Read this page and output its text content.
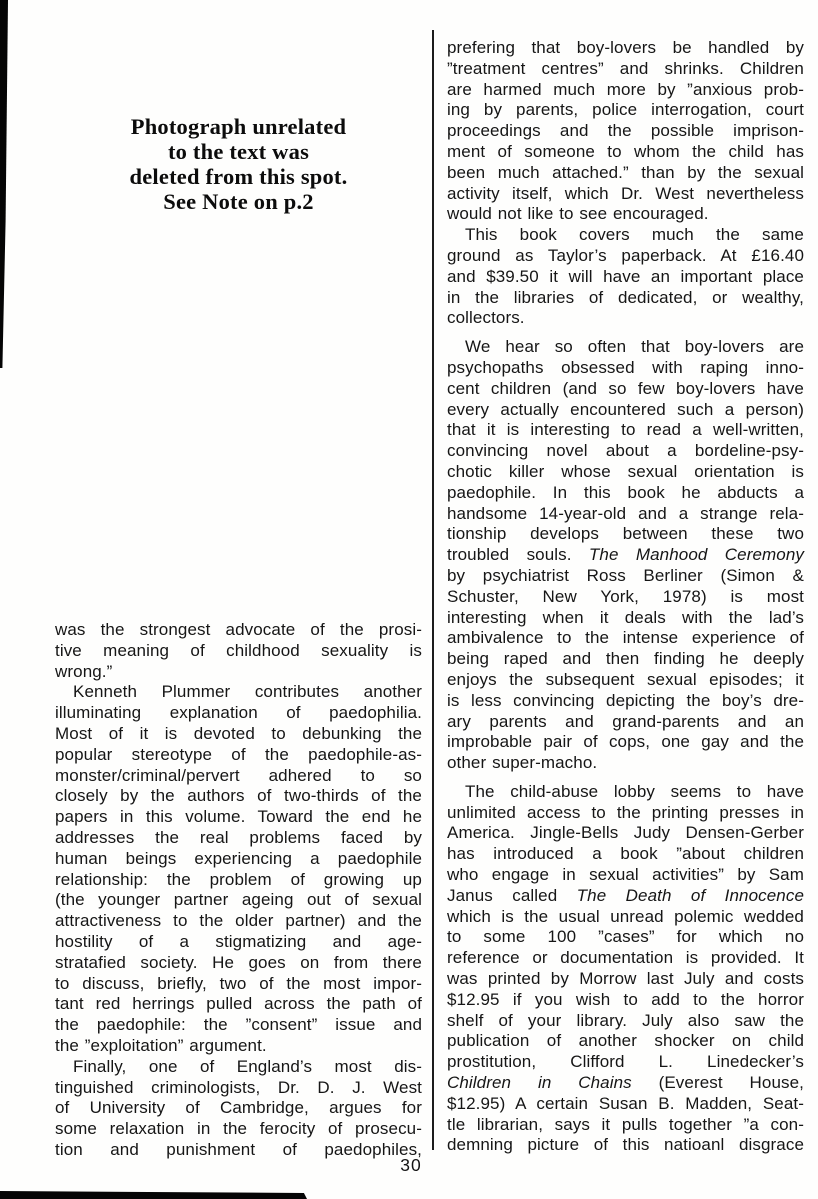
Photograph unrelated
to the text was
deleted from this spot.
See Note on p.2
was the strongest advocate of the prosi-
tive meaning of childhood sexuality is
wrong.”
Kenneth Plummer contributes another
illuminating explanation of paedophilia.
Most of it is devoted to debunking the
popular stereotype of the paedophile-as-
monster/criminal/pervert adhered to so
closely by the authors of two-thirds of the
papers in this volume. Toward the end he
addresses the real problems faced by
human beings experiencing a paedophile
relationship: the problem of growing up
(the younger partner ageing out of sexual
attractiveness to the older partner) and the
hostility of a stigmatizing and age-
stratafied society. He goes on from there
to discuss, briefly, two of the most impor-
tant red herrings pulled across the path of
the paedophile: the ”consent” issue and
the ”exploitation” argument.
Finally, one of England’s most dis-
tinguished criminologists, Dr. D. J. West
of University of Cambridge, argues for
some relaxation in the ferocity of prosecu-
tion and punishment of paedophiles,
prefering that boy-lovers be handled by
”treatment centres” and shrinks. Children
are harmed much more by ”anxious prob-
ing by parents, police interrogation, court
proceedings and the possible imprison-
ment of someone to whom the child has
been much attached.” than by the sexual
activity itself, which Dr. West nevertheless
would not like to see encouraged.
This book covers much the same
ground as Taylor’s paperback. At £16.40
and $39.50 it will have an important place
in the libraries of dedicated, or wealthy,
collectors.
We hear so often that boy-lovers are
psychopaths obsessed with raping inno-
cent children (and so few boy-lovers have
every actually encountered such a person)
that it is interesting to read a well-written,
convincing novel about a bordeline-psy-
chotic killer whose sexual orientation is
paedophile. In this book he abducts a
handsome 14-year-old and a strange rela-
tionship develops between these two
troubled souls. The Manhood Ceremony
by psychiatrist Ross Berliner (Simon &
Schuster, New York, 1978) is most
interesting when it deals with the lad’s
ambivalence to the intense experience of
being raped and then finding he deeply
enjoys the subsequent sexual episodes; it
is less convincing depicting the boy’s dre-
ary parents and grand-parents and an
improbable pair of cops, one gay and the
other super-macho.
The child-abuse lobby seems to have
unlimited access to the printing presses in
America. Jingle-Bells Judy Densen-Gerber
has introduced a book ”about children
who engage in sexual activities” by Sam
Janus called The Death of Innocence
which is the usual unread polemic wedded
to some 100 ”cases” for which no
reference or documentation is provided. It
was printed by Morrow last July and costs
$12.95 if you wish to add to the horror
shelf of your library. July also saw the
publication of another shocker on child
prostitution, Clifford L. Linedecker’s
Children in Chains (Everest House,
$12.95) A certain Susan B. Madden, Seat-
tle librarian, says it pulls together ”a con-
demning picture of this natioanl disgrace
30
